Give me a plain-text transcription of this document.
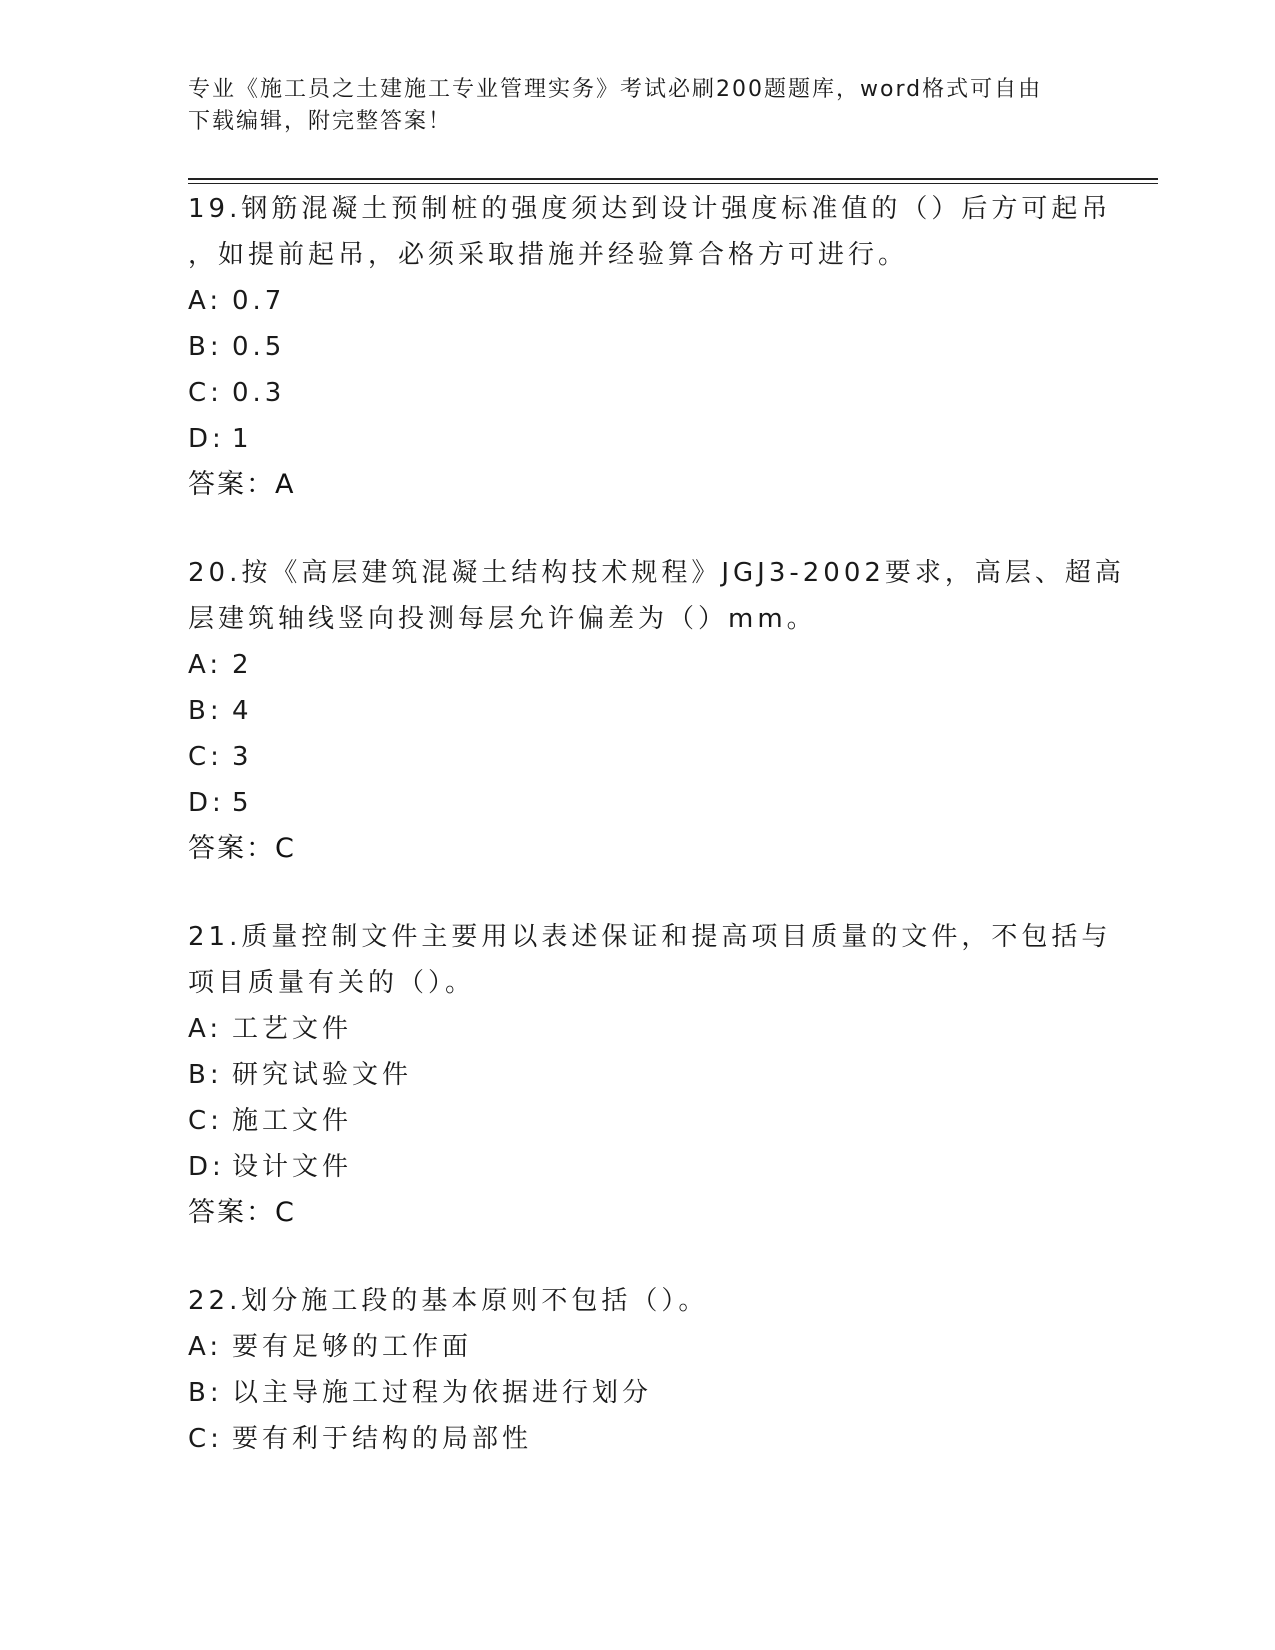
专业《施工员之土建施工专业管理实务》考试必刷200题题库，word格式可自由
下载编辑，附完整答案！
19.钢筋混凝土预制桩的强度须达到设计强度标准值的（）后方可起吊
，如提前起吊，必须采取措施并经验算合格方可进行。
A: 0.7
B: 0.5
C: 0.3
D: 1
答案：A
20.按《高层建筑混凝土结构技术规程》JGJ3-2002要求，高层、超高
层建筑轴线竖向投测每层允许偏差为（）mm。
A: 2
B: 4
C: 3
D: 5
答案：C
21.质量控制文件主要用以表述保证和提高项目质量的文件，不包括与
项目质量有关的（）。
A: 工艺文件
B: 研究试验文件
C: 施工文件
D: 设计文件
答案：C
22.划分施工段的基本原则不包括（）。
A: 要有足够的工作面
B: 以主导施工过程为依据进行划分
C: 要有利于结构的局部性
